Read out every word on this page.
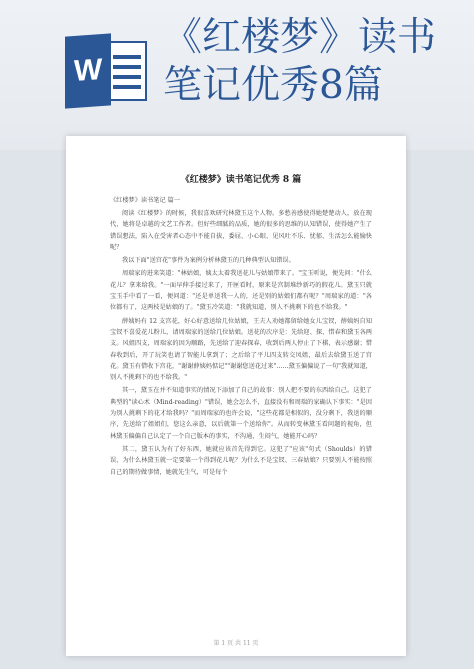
W
《红楼梦》读书笔记优秀8篇
《红楼梦》读书笔记优秀 8 篇
《红楼梦》读书笔记 篇一

阅读《红楼梦》的时候，我很喜欢研究林黛玉这个人物。多愁善感使得她楚楚动人，放在现代，她将是卓越的文艺工作者。但好些细腻的品质，她的很多的思维的认知错误，使得她产生了错误想法，陷入在受害者心态中不能自拔，委屈、小心眼、见风吐不乐、忧郁，生活怎么能愉快呢？

我以下面"送宫花"事件为案例分析林黛玉的几种典型认知错误。

周瑞家的进来笑道："林姑娘，姨太太着我送花儿与姑娘带来了。"宝玉听说，便先问："什么花儿？拿来给我。"一面早伸手接过来了，开匣看时，原来是宫制堆纱新巧的假花儿。黛玉只就宝玉手中看了一看，便问道："还是单送我一人的，还是别的姑娘们都有呢？"周瑞家的道："各位都有了，这两枝是姑娘的了。"黛玉冷笑道："我就知道，别人不挑剩下的也不给我。"

薛姨妈有 12 支宫花，好心好意送给几位姑娘，王夫人劝她都留给她女儿宝钗，薛姨妈自知宝钗不喜爱花儿粉儿，请周瑞家的送给几位姑娘。送花的次序是：先给迎、探、惜春和黛玉各两支。风姐四支，周瑞家的因为顺路，先送给了迎春探春，收到后两人停止了下棋，表示感谢；惜春收到后，开了玩笑也请了智能儿拿到了；之后给了平儿四支转交凤姐，最后去给黛玉送了宫花。黛玉有借收下宫花，"谢谢薛姨妈惦记""谢谢您送花过来"……黛玉偏偏说了一句"我就知道，别人不挑剩下的也不给我。"

其一，黛玉在并不知道事实的情况下添加了自己的故事：别人把不要的东西给自己。这犯了典型的"读心术（Mind-reading）"错误，她会怎么不，直接没有和周瑞的家确认下事实："是因为别人挑剩下的花才给我吗？"而周瑞家的也许会说，"这些花都是相似的，没分剩下，我送的顺序，先送给了姐姐们，您这么亲意，以后就第一个送给你"。从而转变林黛玉看问题的视角，但林黛玉偏偏自己认定了一个自己版本的事实，不沟通，生闷气，她能开心吗？

其二，黛玉认为有了好东西，她就应该首先得到它。这犯了"应该"句式（Shoulds）的错误，为什么林黛玉就一定要第一个得到花儿呢？为什么不是宝钗、三春姑娘？只要别人不能按照自己的期待做事情，她就先生气，可是每个

第 1 页 共 11 页
